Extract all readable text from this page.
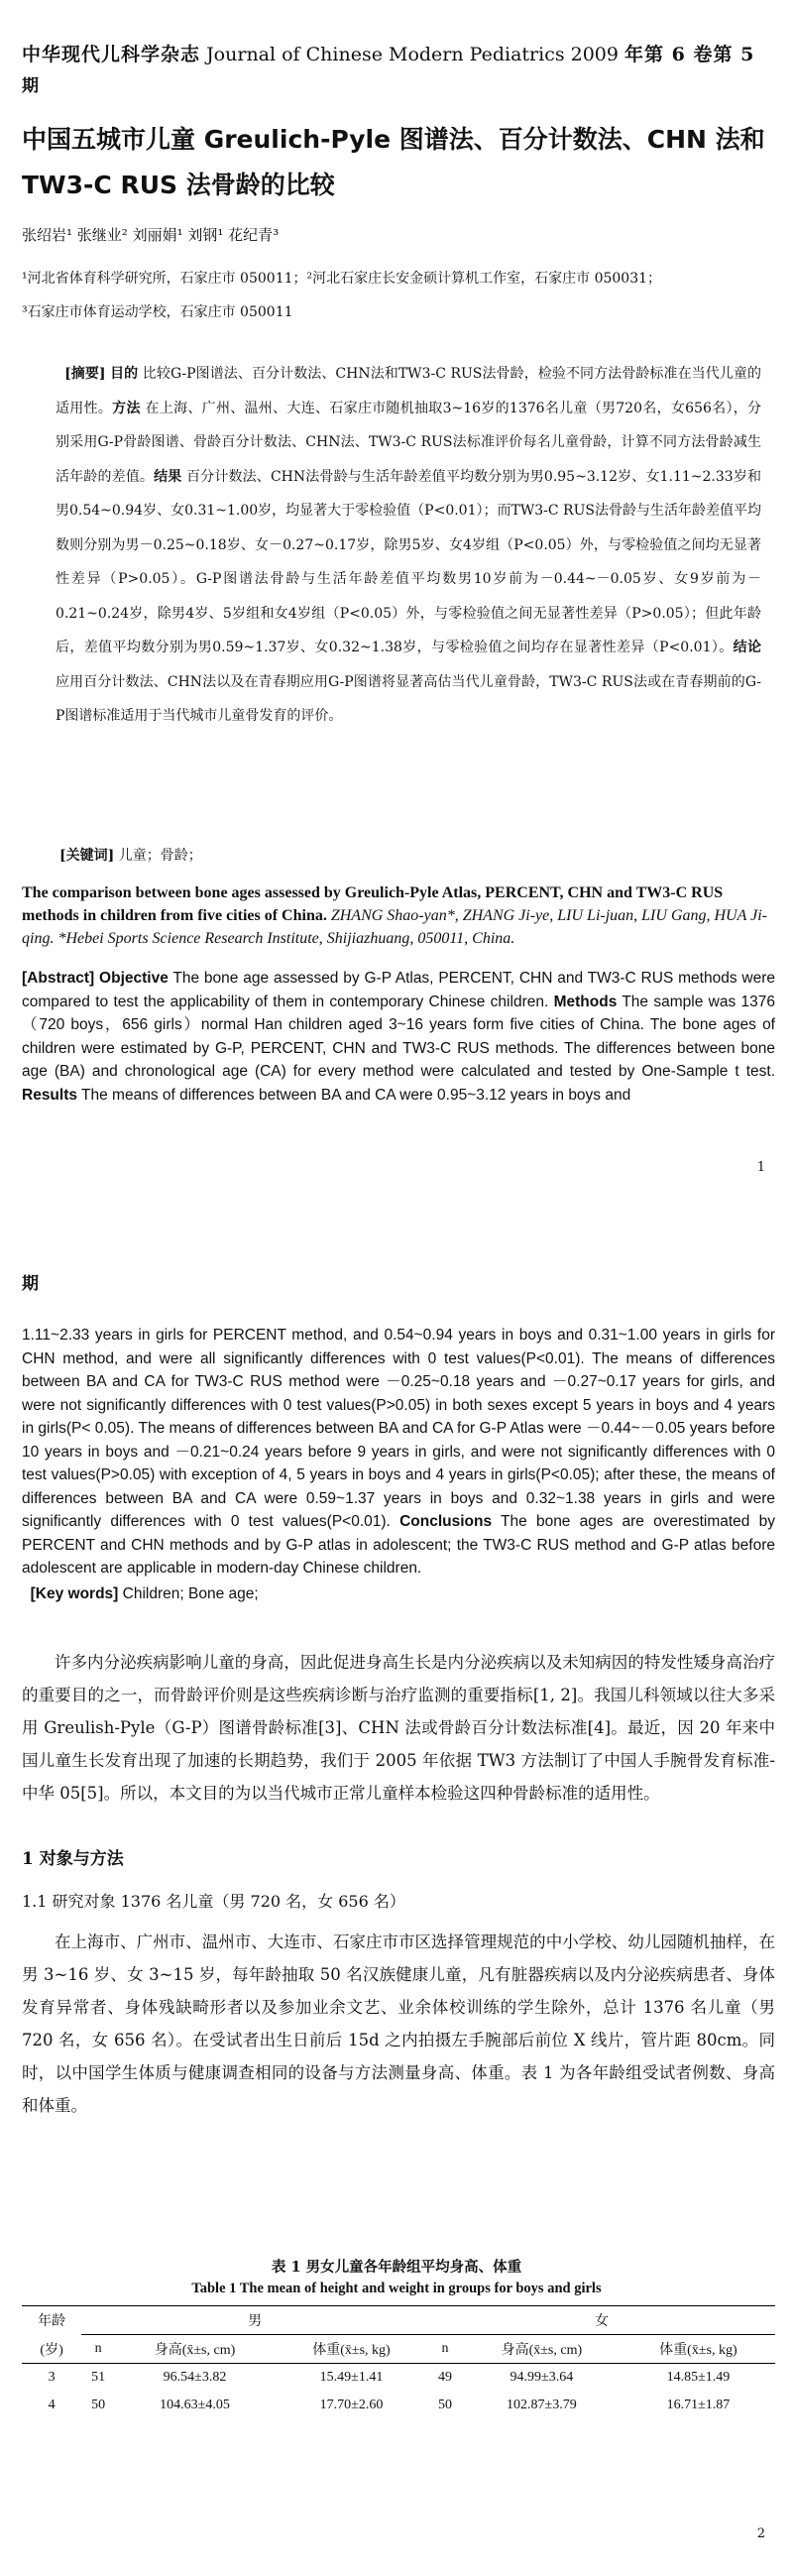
中华现代儿科学杂志 Journal of Chinese Modern Pediatrics 2009 年第 6 卷第 5
期
中国五城市儿童 Greulich-Pyle 图谱法、百分计数法、CHN 法和 TW3-C RUS 法骨龄的比较
张绍岩¹ 张继业² 刘丽娟¹ 刘钢¹ 花纪青³
¹河北省体育科学研究所，石家庄市 050011；²河北石家庄长安金硕计算机工作室，石家庄市 050031；
³石家庄市体育运动学校，石家庄市 050011
[摘要] 目的 比较G-P图谱法、百分计数法、CHN法和TW3-C RUS法骨龄，检验不同方法骨龄标准在当代儿童的适用性。方法 在上海、广州、温州、大连、石家庄市随机抽取3~16岁的1376名儿童（男720名，女656名），分别采用G-P骨龄图谱、骨龄百分计数法、CHN法、TW3-C RUS法标准评价每名儿童骨龄，计算不同方法骨龄减生活年龄的差值。结果 百分计数法、CHN法骨龄与生活年龄差值平均数分别为男0.95~3.12岁、女1.11~2.33岁和男0.54~0.94岁、女0.31~1.00岁，均显著大于零检验值（P<0.01）；而TW3-C RUS法骨龄与生活年龄差值平均数则分别为男－0.25~0.18岁、女－0.27~0.17岁，除男5岁、女4岁组（P<0.05）外，与零检验值之间均无显著性差异（P>0.05）。G-P图谱法骨龄与生活年龄差值平均数男10岁前为－0.44~－0.05岁、女9岁前为－0.21~0.24岁，除男4岁、5岁组和女4岁组（P<0.05）外，与零检验值之间无显著性差异（P>0.05）；但此年龄后，差值平均数分别为男0.59~1.37岁、女0.32~1.38岁，与零检验值之间均存在显著性差异（P<0.01）。结论 应用百分计数法、CHN法以及在青春期应用G-P图谱将显著高估当代儿童骨龄，TW3-C RUS法或在青春期前的G-P图谱标准适用于当代城市儿童骨发育的评价。
[关键词] 儿童；骨龄；
The comparison between bone ages assessed by Greulich-Pyle Atlas, PERCENT, CHN and TW3-C RUS methods in children from five cities of China. ZHANG Shao-yan*, ZHANG Ji-ye, LIU Li-juan, LIU Gang, HUA Ji-qing. *Hebei Sports Science Research Institute, Shijiazhuang, 050011, China.
[Abstract] Objective The bone age assessed by G-P Atlas, PERCENT, CHN and TW3-C RUS methods were compared to test the applicability of them in contemporary Chinese children. Methods The sample was 1376（720 boys，656 girls）normal Han children aged 3~16 years form five cities of China. The bone ages of children were estimated by G-P, PERCENT, CHN and TW3-C RUS methods. The differences between bone age (BA) and chronological age (CA) for every method were calculated and tested by One-Sample t test. Results The means of differences between BA and CA were 0.95~3.12 years in boys and
1
期
1.11~2.33 years in girls for PERCENT method, and 0.54~0.94 years in boys and 0.31~1.00 years in girls for CHN method, and were all significantly differences with 0 test values(P<0.01). The means of differences between BA and CA for TW3-C RUS method were －0.25~0.18 years and －0.27~0.17 years for girls, and were not significantly differences with 0 test values(P>0.05) in both sexes except 5 years in boys and 4 years in girls(P< 0.05). The means of differences between BA and CA for G-P Atlas were －0.44~－0.05 years before 10 years in boys and －0.21~0.24 years before 9 years in girls, and were not significantly differences with 0 test values(P>0.05) with exception of 4, 5 years in boys and 4 years in girls(P<0.05); after these, the means of differences between BA and CA were 0.59~1.37 years in boys and 0.32~1.38 years in girls and were significantly differences with 0 test values(P<0.01). Conclusions The bone ages are overestimated by PERCENT and CHN methods and by G-P atlas in adolescent; the TW3-C RUS method and G-P atlas before adolescent are applicable in modern-day Chinese children.
[Key words] Children; Bone age;
许多内分泌疾病影响儿童的身高，因此促进身高生长是内分泌疾病以及未知病因的特发性矮身高治疗的重要目的之一，而骨龄评价则是这些疾病诊断与治疗监测的重要指标[1, 2]。我国儿科领域以往大多采用 Greulish-Pyle（G-P）图谱骨龄标准[3]、CHN 法或骨龄百分计数法标准[4]。最近，因 20 年来中国儿童生长发育出现了加速的长期趋势，我们于 2005 年依据 TW3 方法制订了中国人手腕骨发育标准-中华 05[5]。所以，本文目的为以当代城市正常儿童样本检验这四种骨龄标准的适用性。
1 对象与方法
1.1 研究对象 1376 名儿童（男 720 名，女 656 名）
在上海市、广州市、温州市、大连市、石家庄市市区选择管理规范的中小学校、幼儿园随机抽样，在男 3~16 岁、女 3~15 岁，每年龄抽取 50 名汉族健康儿童，凡有脏器疾病以及内分泌疾病患者、身体发育异常者、身体残缺畸形者以及参加业余文艺、业余体校训练的学生除外，总计 1376 名儿童（男 720 名，女 656 名）。在受试者出生日前后 15d 之内拍摄左手腕部后前位 X 线片，管片距 80cm。同时，以中国学生体质与健康调查相同的设备与方法测量身高、体重。表 1 为各年龄组受试者例数、身高和体重。
表 1 男女儿童各年龄组平均身高、体重
Table 1 The mean of height and weight in groups for boys and girls
年龄	男			女		
(岁)	n	身高(x̄±s, cm)	体重(x̄±s, kg)	n	身高(x̄±s, cm)	体重(x̄±s, kg)
3	51	96.54±3.82	15.49±1.41	49	94.99±3.64	14.85±1.49
4	50	104.63±4.05	17.70±2.60	50	102.87±3.79	16.71±1.87
2
